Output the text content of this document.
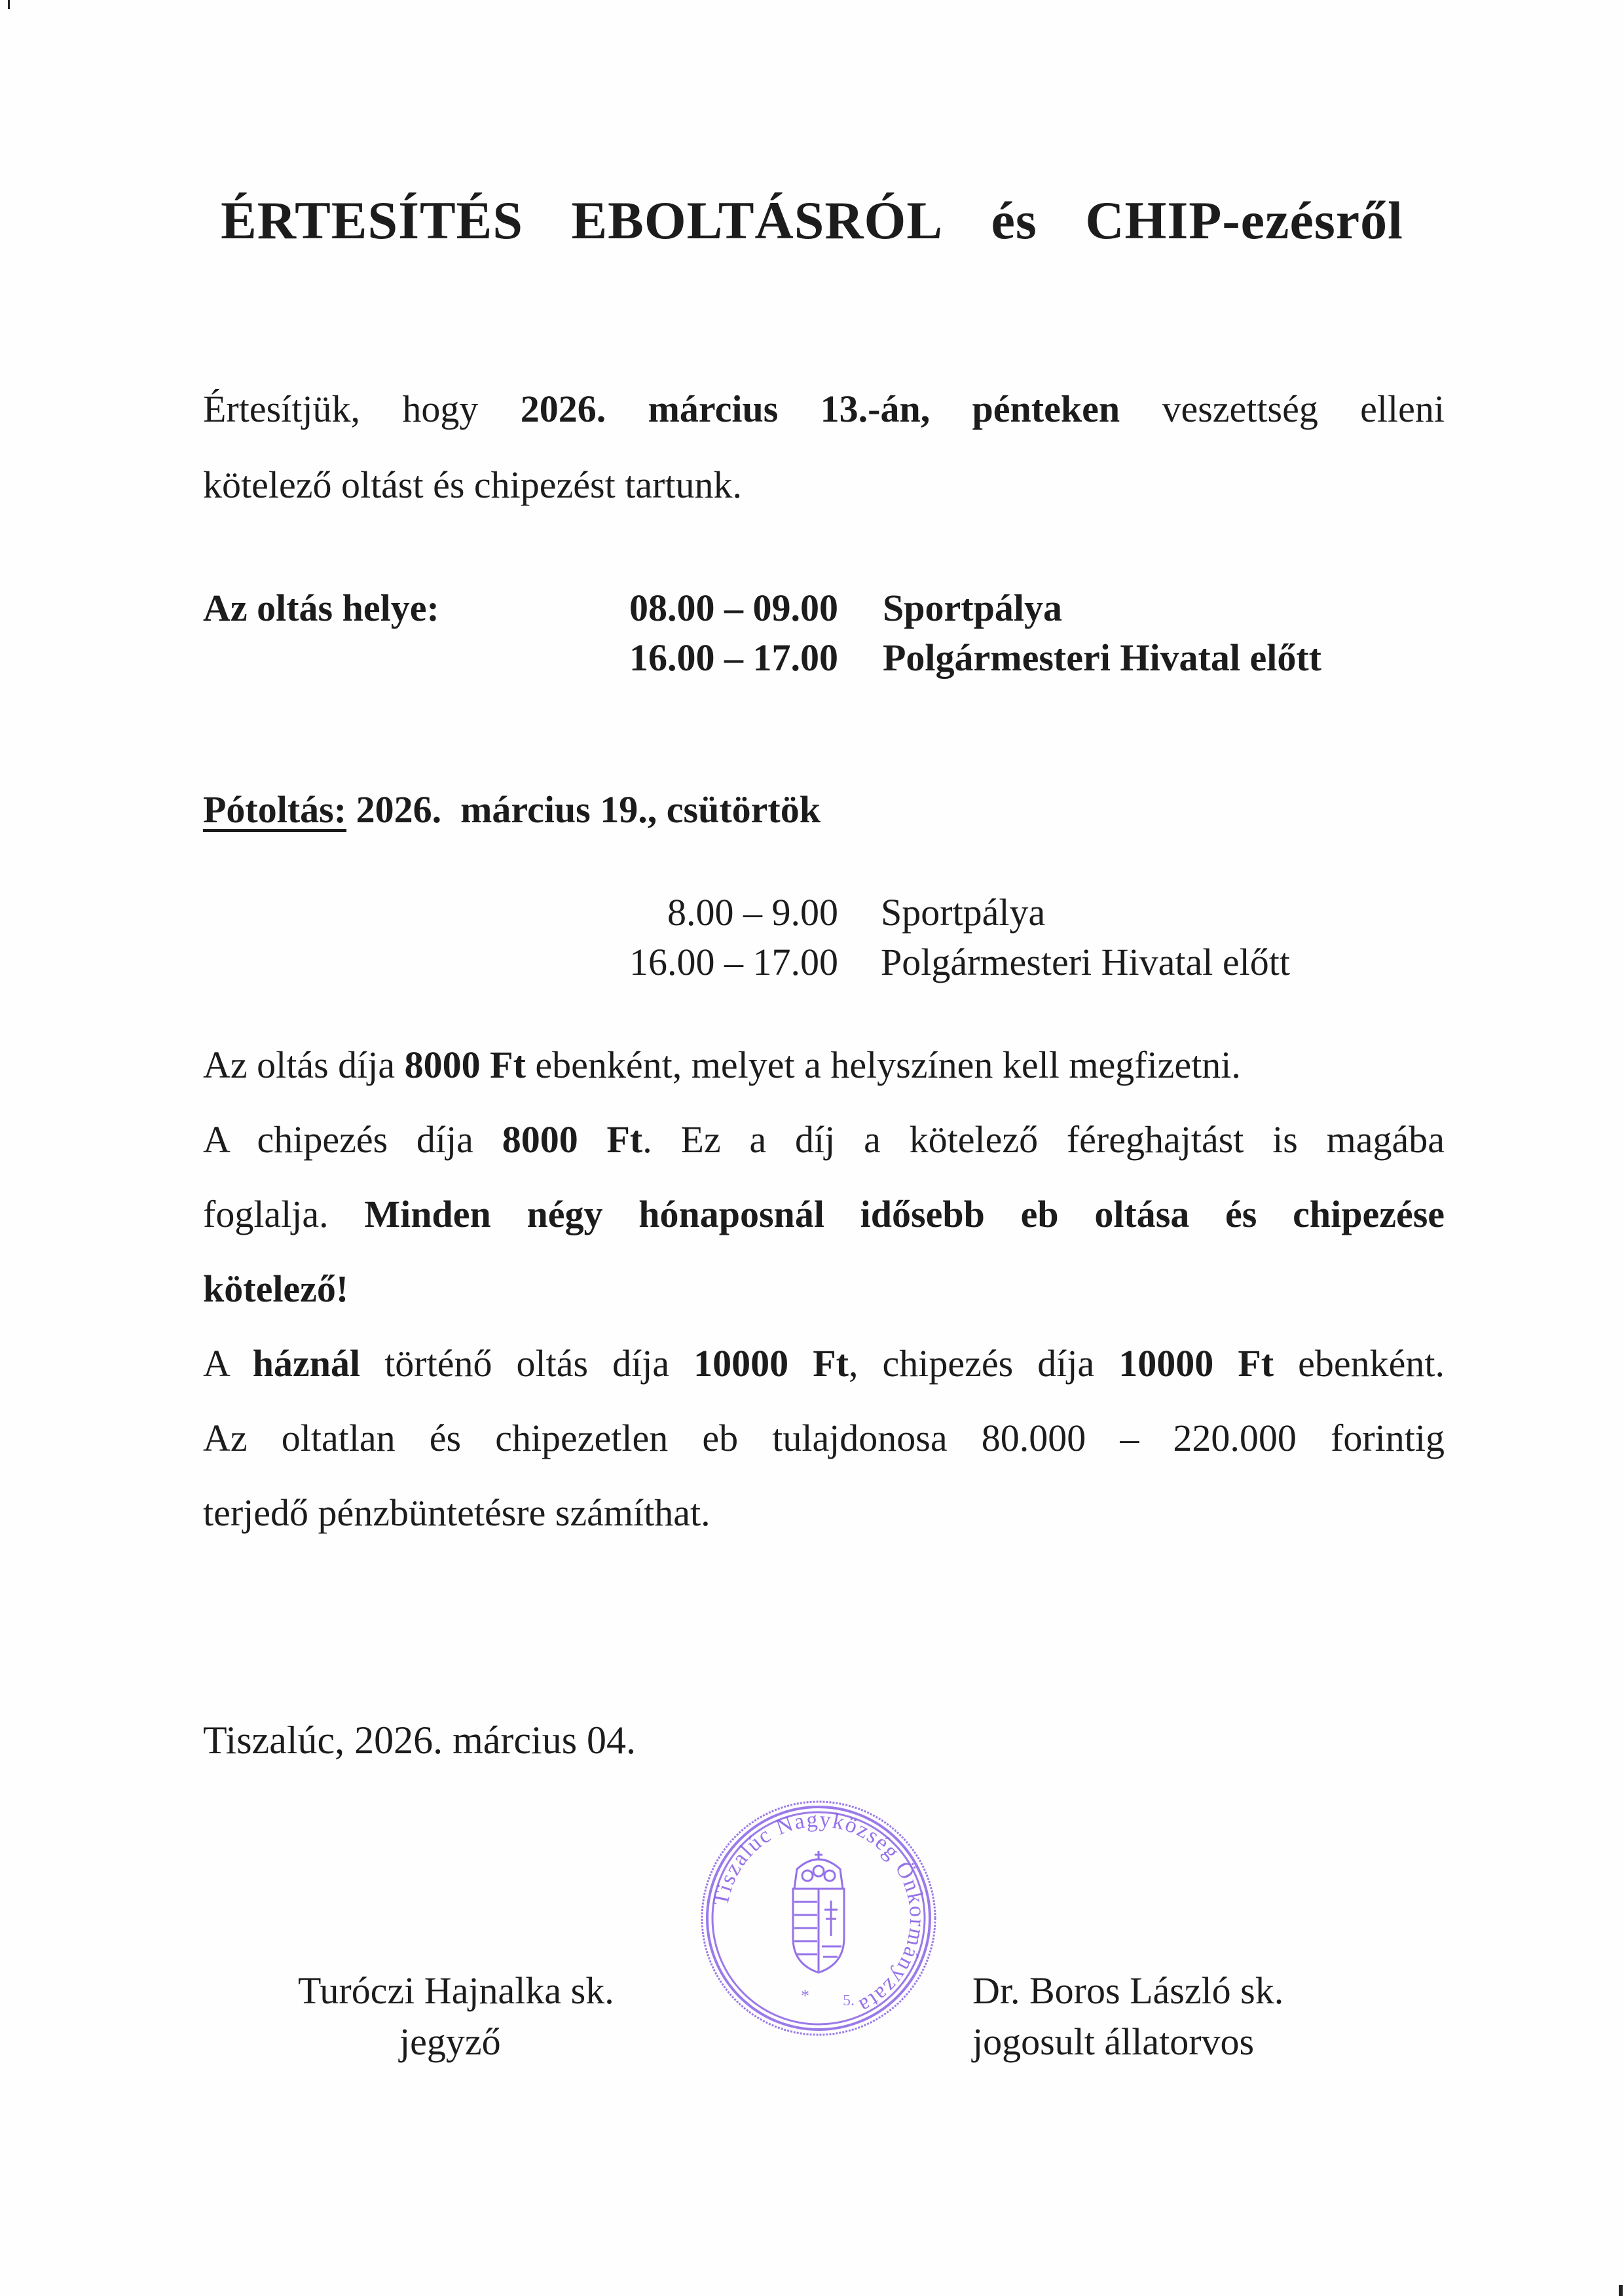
ÉRTESÍTÉS EBOLTÁSRÓL és CHIP-ezésről
Értesítjük, hogy 2026. március 13.-án, pénteken veszettség elleni
kötelező oltást és chipezést tartunk.
Az oltás helye:	08.00 – 09.00 Sportpálya
16.00 – 17.00 Polgármesteri Hivatal előtt
Pótoltás: 2026.  március 19., csütörtök
8.00 – 9.00 Sportpálya
16.00 – 17.00 Polgármesteri Hivatal előtt
Az oltás díja 8000 Ft ebenként, melyet a helyszínen kell megfizetni.
A chipezés díja 8000 Ft. Ez a díj a kötelező féreghajtást is magába
foglalja. Minden négy hónaposnál idősebb eb oltása és chipezése
kötelező!
A háznál történő oltás díja 10000 Ft, chipezés díja 10000 Ft ebenként.
Az oltatlan és chipezetlen eb tulajdonosa 80.000 – 220.000 forintig
terjedő pénzbüntetésre számíthat.
Tiszalúc, 2026. március 04.
Tiszalúc Nagyközség Önkormányzata
* 5.
Turóczi Hajnalka sk.
jegyző
Dr. Boros László sk.
jogosult állatorvos
